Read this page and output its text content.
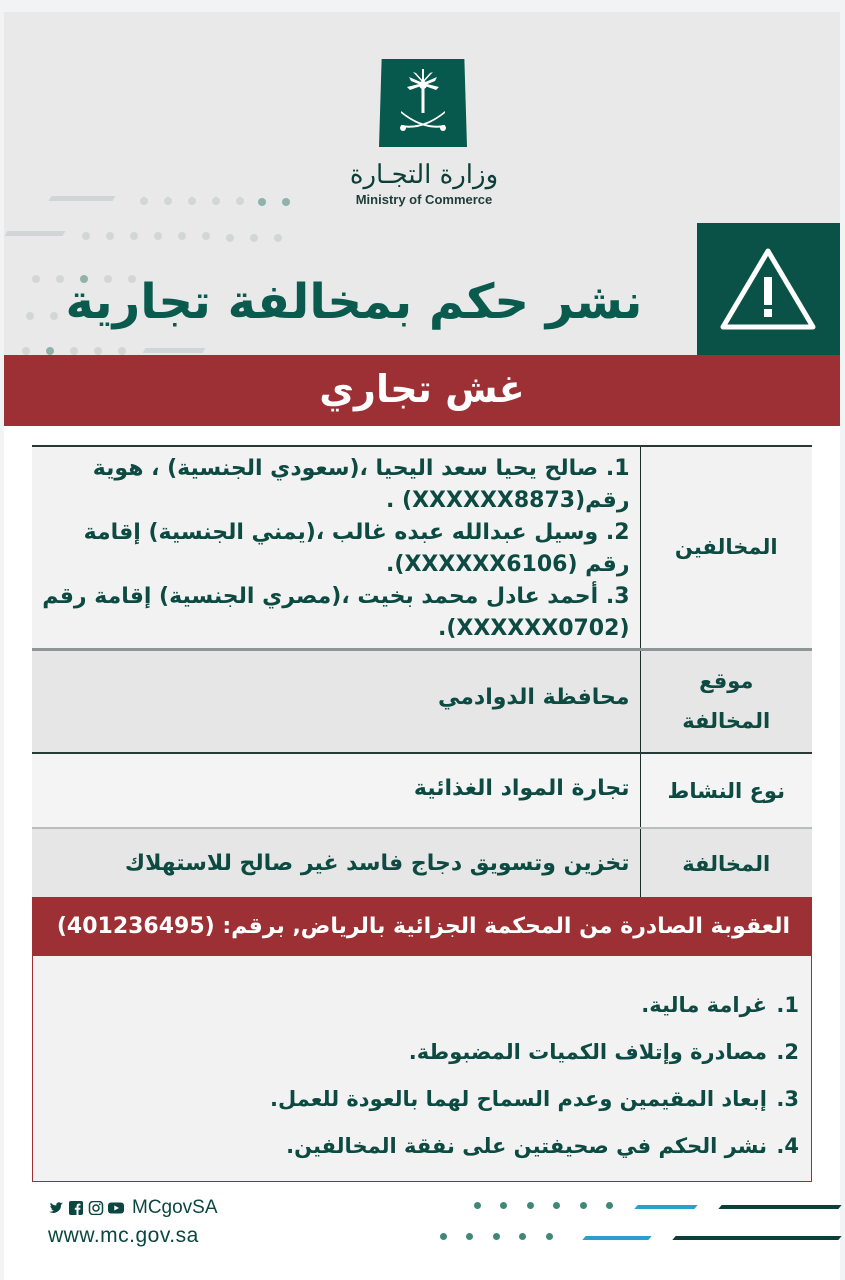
وزارة التجـارة
Ministry of Commerce
نشر حكم بمخالفة تجارية
غش تجاري
المخالفين	1. صالح يحيا سعد اليحيا ،(سعودي الجنسية) ، هوية رقم(XXXXXX8873) .
2. وسيل عبدالله عبده غالب ،(يمني الجنسية) إقامة رقم (XXXXXX6106).
3. أحمد عادل محمد بخيت ،(مصري الجنسية) إقامة رقم (XXXXXX0702).

موقع
المخالفة	محافظة الدوادمي
نوع النشاط	تجارة المواد الغذائية
المخالفة	تخزين وتسويق دجاج فاسد غير صالح للاستهلاك
العقوبة الصادرة من المحكمة الجزائية بالرياض, برقم: (401236495)
1.غرامة مالية.
2.مصادرة وإتلاف الكميات المضبوطة.
3.إبعاد المقيمين وعدم السماح لهما بالعودة للعمل.
4.نشر الحكم في صحيفتين على نفقة المخالفين.
MCgovSA
www.mc.gov.sa
